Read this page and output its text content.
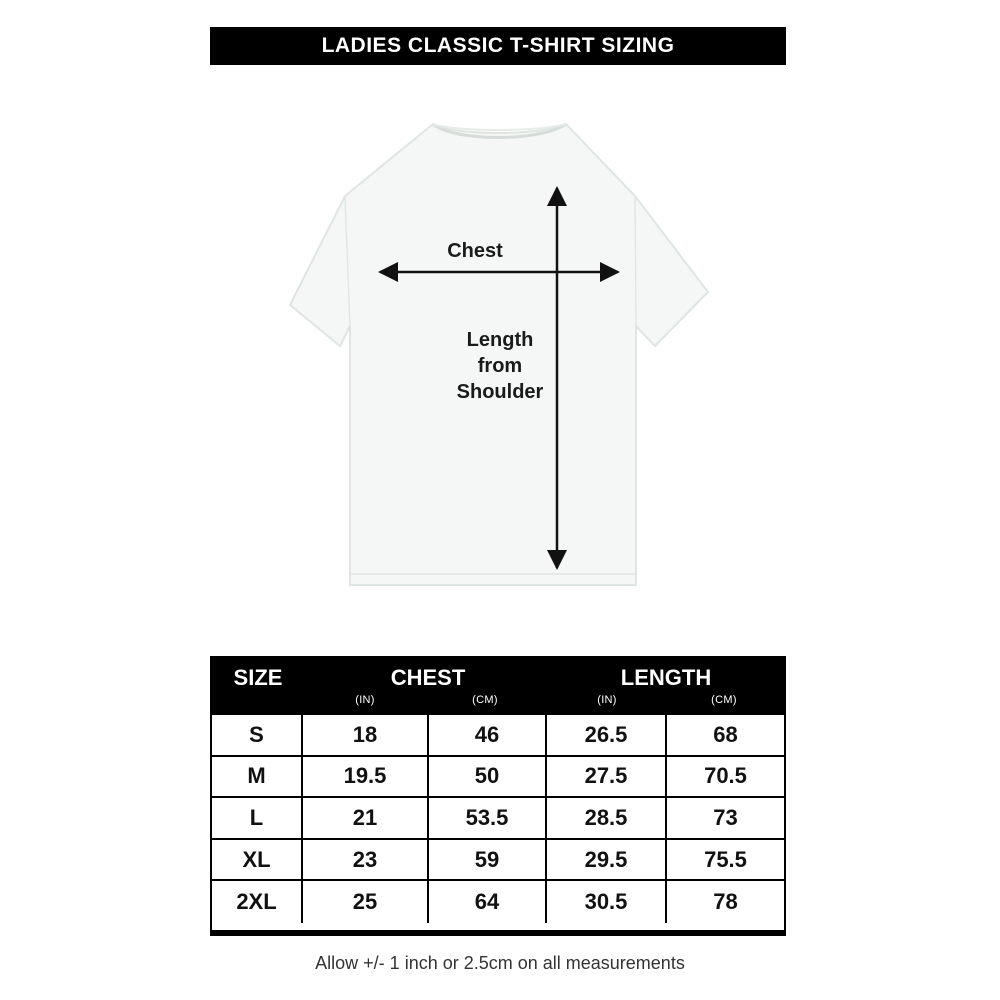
LADIES CLASSIC T-SHIRT SIZING
Chest
Length
from
Shoulder
SIZE	CHEST	LENGTH
(IN)	(CM)	(IN)	(CM)
S	18	46	26.5	68
M	19.5	50	27.5	70.5
L	21	53.5	28.5	73
XL	23	59	29.5	75.5
2XL	25	64	30.5	78
Allow +/- 1 inch or 2.5cm on all measurements
